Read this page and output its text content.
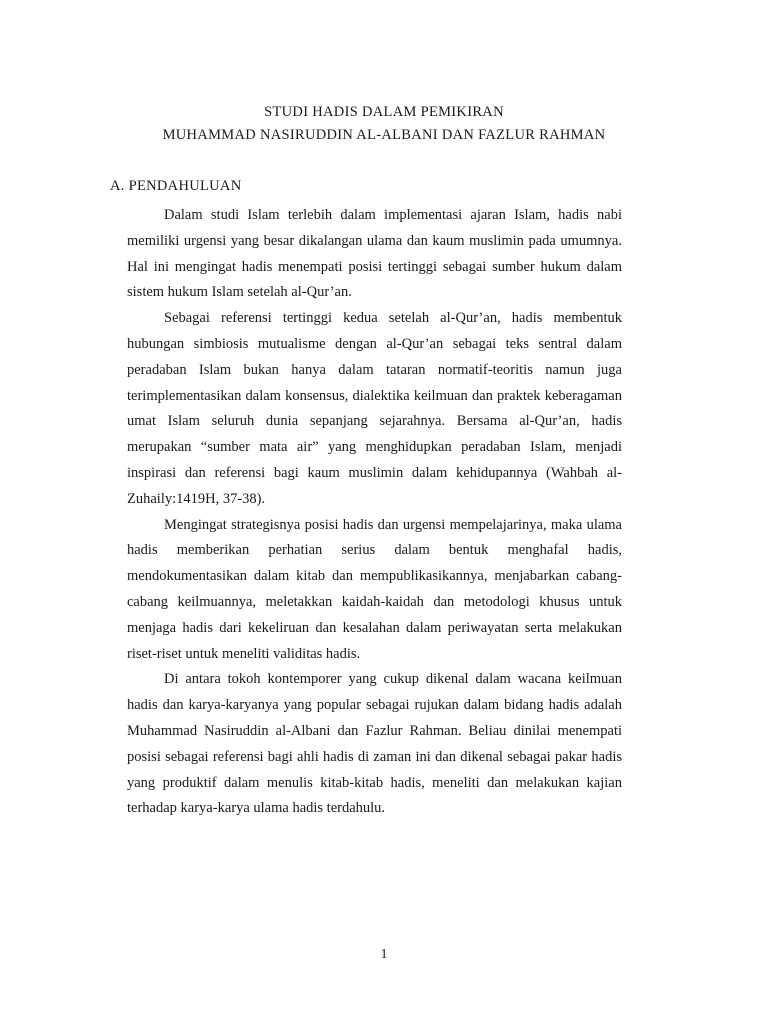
STUDI HADIS DALAM PEMIKIRAN
MUHAMMAD NASIRUDDIN AL-ALBANI DAN FAZLUR RAHMAN
A. PENDAHULUAN

Dalam studi Islam terlebih dalam implementasi ajaran Islam, hadis nabi memiliki urgensi yang besar dikalangan ulama dan kaum muslimin pada umumnya. Hal ini mengingat hadis menempati posisi tertinggi sebagai sumber hukum dalam sistem hukum Islam setelah al-Qur’an.

Sebagai referensi tertinggi kedua setelah al-Qur’an, hadis membentuk hubungan simbiosis mutualisme dengan al-Qur’an sebagai teks sentral dalam peradaban Islam bukan hanya dalam tataran normatif-teoritis namun juga terimplementasikan dalam konsensus, dialektika keilmuan dan praktek keberagaman umat Islam seluruh dunia sepanjang sejarahnya. Bersama al-Qur’an, hadis merupakan “sumber mata air” yang menghidupkan peradaban Islam, menjadi inspirasi dan referensi bagi kaum muslimin dalam kehidupannya (Wahbah al-Zuhaily:1419H, 37-38).

Mengingat strategisnya posisi hadis dan urgensi mempelajarinya, maka ulama hadis memberikan perhatian serius dalam bentuk menghafal hadis, mendokumentasikan dalam kitab dan mempublikasikannya, menjabarkan cabang- cabang keilmuannya, meletakkan kaidah-kaidah dan metodologi khusus untuk menjaga hadis dari kekeliruan dan kesalahan dalam periwayatan serta melakukan riset-riset untuk meneliti validitas hadis.

Di antara tokoh kontemporer yang cukup dikenal dalam wacana keilmuan hadis dan karya-karyanya yang popular sebagai rujukan dalam bidang hadis adalah Muhammad Nasiruddin al-Albani dan Fazlur Rahman. Beliau dinilai menempati posisi sebagai referensi bagi ahli hadis di zaman ini dan dikenal sebagai pakar hadis yang produktif dalam menulis kitab-kitab hadis, meneliti dan melakukan kajian terhadap karya-karya ulama hadis terdahulu.

1
